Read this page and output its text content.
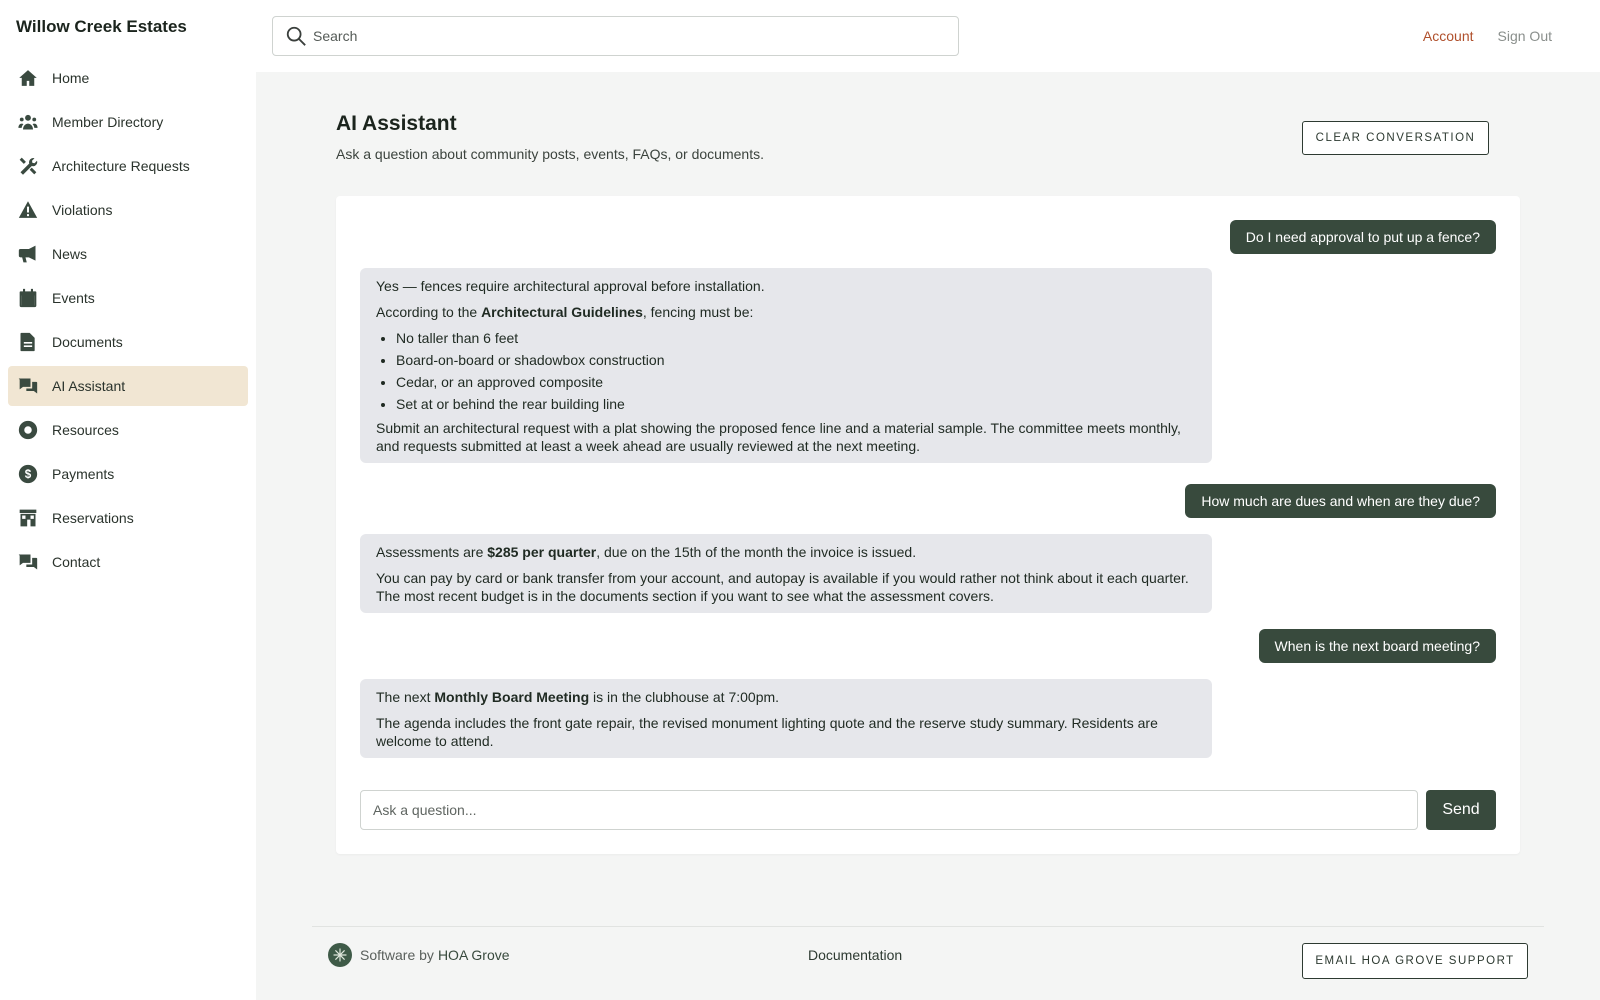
Willow Creek Estates
Home
Member Directory
Architecture Requests
Violations
News
Events
Documents
AI Assistant
Resources
$ Payments
Reservations
Contact
Search
Account Sign Out
AI Assistant

Ask a question about community posts, events, FAQs, or documents.

CLEAR CONVERSATION
Do I need approval to put up a fence?

Yes — fences require architectural approval before installation.

According to the Architectural Guidelines, fencing must be:

• No taller than 6 feet
• Board-on-board or shadowbox construction
• Cedar, or an approved composite
• Set at or behind the rear building line

Submit an architectural request with a plat showing the proposed fence line and a material sample. The committee meets monthly, and requests submitted at least a week ahead are usually reviewed at the next meeting.

How much are dues and when are they due?

Assessments are $285 per quarter, due on the 15th of the month the invoice is issued.

You can pay by card or bank transfer from your account, and autopay is available if you would rather not think about it each quarter. The most recent budget is in the documents section if you want to see what the assessment covers.

When is the next board meeting?

The next Monthly Board Meeting is in the clubhouse at 7:00pm.

The agenda includes the front gate repair, the revised monument lighting quote and the reserve study summary. Residents are welcome to attend.

Ask a question...
Send
Software by HOA Grove	Documentation	EMAIL HOA GROVE SUPPORT
